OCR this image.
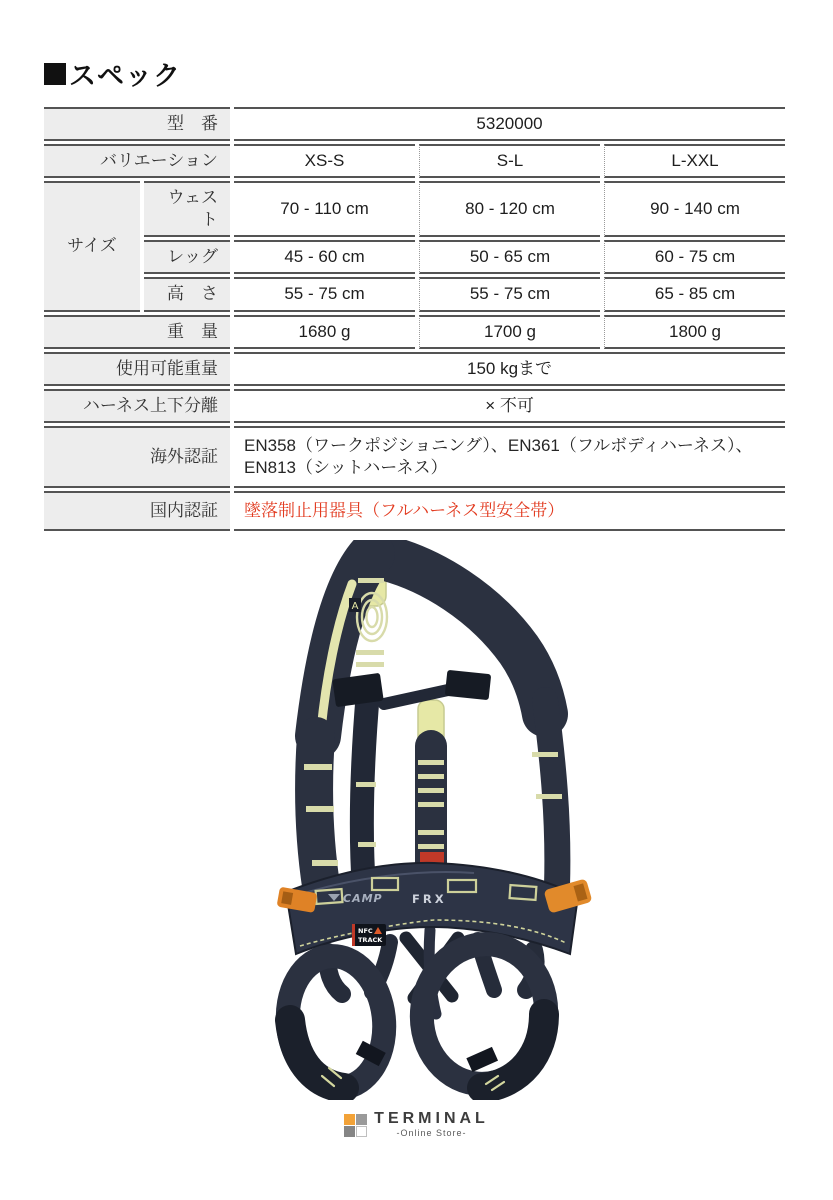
スペック
型　番		5320000		
バリエーション		XS-S	S-L	L-XXL
サイズ	ウェスト	70 - 110 cm	80 - 120 cm	90 - 140 cm
	レッグ	45 - 60 cm	50 - 65 cm	60 - 75 cm
	高　さ	55 - 75 cm	55 - 75 cm	65 - 85 cm
重　量		1680 g	1700 g	1800 g
使用可能重量		150 kgまで		
ハーネス上下分離		× 不可		
海外認証		EN358（ワークポジショニング）、EN361（フルボディハーネス）、EN813（シットハーネス）		
国内認証		墜落制止用器具（フルハーネス型安全帯）		
A
CAMP	FRX
NFC
TRACK
TERMINAL
-Online Store-
